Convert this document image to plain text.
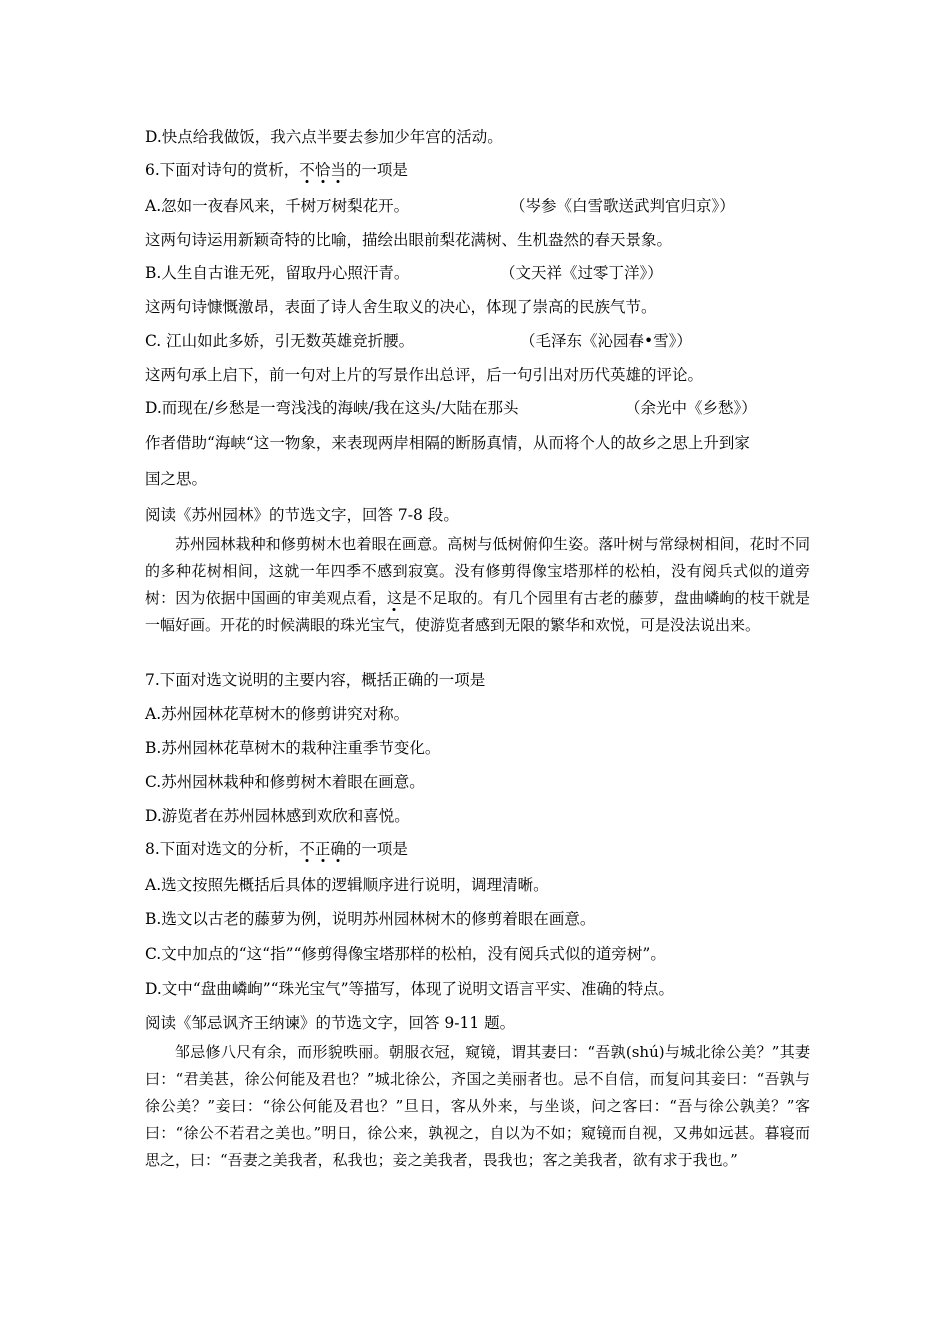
D.快点给我做饭，我六点半要去参加少年宫的活动。
6.下面对诗句的赏析，不恰当的一项是
A.忽如一夜春风来，千树万树梨花开。	（岑参《白雪歌送武判官归京》）
这两句诗运用新颖奇特的比喻，描绘出眼前梨花满树、生机盎然的春天景象。
B.人生自古谁无死，留取丹心照汗青。	（文天祥《过零丁洋》）
这两句诗慷慨激昂，表面了诗人舍生取义的决心，体现了崇高的民族气节。
C. 江山如此多娇，引无数英雄竞折腰。	（毛泽东《沁园春•雪》）
这两句承上启下，前一句对上片的写景作出总评，后一句引出对历代英雄的评论。
D.而现在/乡愁是一弯浅浅的海峡/我在这头/大陆在那头	（余光中《乡愁》）
作者借助“海峡“这一物象，来表现两岸相隔的断肠真情，从而将个人的故乡之思上升到家
国之思。
阅读《苏州园林》的节选文字，回答 7-8 段。
苏州园林栽种和修剪树木也着眼在画意。高树与低树俯仰生姿。落叶树与常绿树相间，花时不同的多种花树相间，这就一年四季不感到寂寞。没有修剪得像宝塔那样的松柏，没有阅兵式似的道旁树：因为依据中国画的审美观点看，这是不足取的。有几个园里有古老的藤萝，盘曲嶙峋的枝干就是一幅好画。开花的时候满眼的珠光宝气，使游览者感到无限的繁华和欢悦，可是没法说出来。
7.下面对选文说明的主要内容，概括正确的一项是
A.苏州园林花草树木的修剪讲究对称。
B.苏州园林花草树木的栽种注重季节变化。
C.苏州园林栽种和修剪树木着眼在画意。
D.游览者在苏州园林感到欢欣和喜悦。
8.下面对选文的分析，不正确的一项是
A.选文按照先概括后具体的逻辑顺序进行说明，调理清晰。
B.选文以古老的藤萝为例，说明苏州园林树木的修剪着眼在画意。
C.文中加点的“这“指”“修剪得像宝塔那样的松柏，没有阅兵式似的道旁树”。
D.文中“盘曲嶙峋”“珠光宝气”等描写，体现了说明文语言平实、准确的特点。
阅读《邹忌讽齐王纳谏》的节选文字，回答 9-11 题。
邹忌修八尺有余，而形貌昳丽。朝服衣冠，窥镜，谓其妻曰：“吾孰(shú)与城北徐公美？”其妻曰：“君美甚，徐公何能及君也？”城北徐公，齐国之美丽者也。忌不自信，而复问其妾曰：“吾孰与徐公美？”妾曰：“徐公何能及君也？”旦日，客从外来，与坐谈，问之客曰：“吾与徐公孰美？”客曰：“徐公不若君之美也。”明日，徐公来，孰视之，自以为不如；窥镜而自视，又弗如远甚。暮寝而思之，曰：“吾妻之美我者，私我也；妾之美我者，畏我也；客之美我者，欲有求于我也。”
